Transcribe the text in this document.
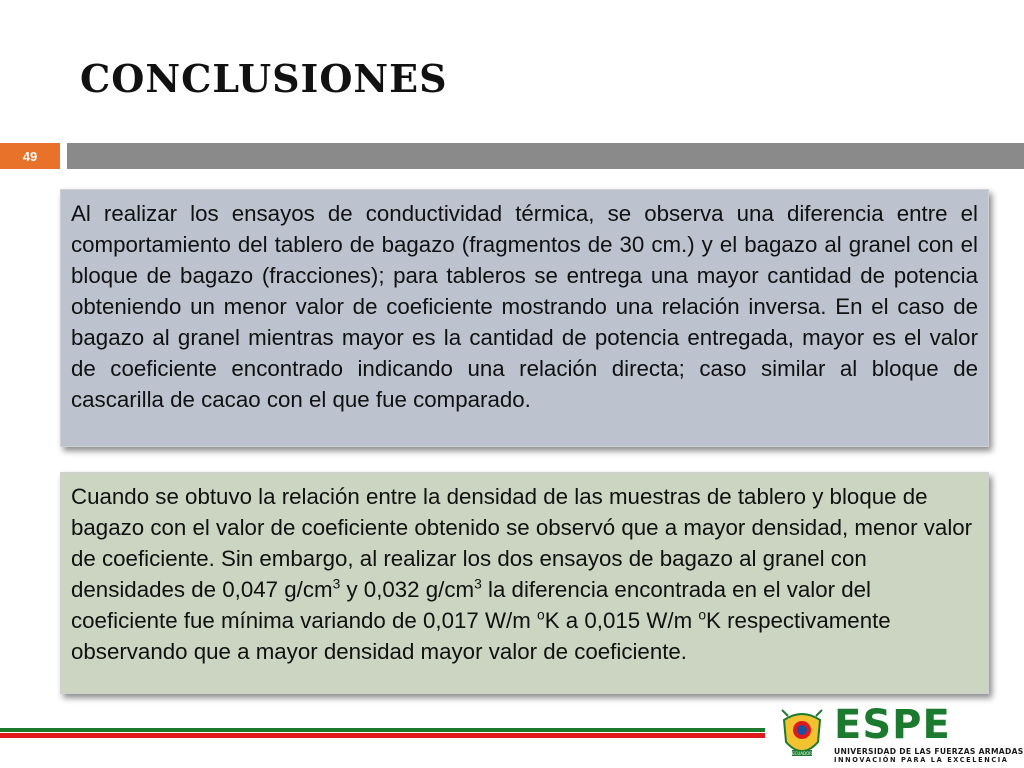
CONCLUSIONES
49
Al realizar los ensayos de conductividad térmica, se observa una diferencia entre el comportamiento del tablero de bagazo (fragmentos de 30 cm.) y el bagazo al granel con el bloque de bagazo (fracciones); para tableros se entrega una mayor cantidad de potencia obteniendo un menor valor de coeficiente mostrando una relación inversa. En el caso de bagazo al granel mientras mayor es la cantidad de potencia entregada, mayor es el valor de coeficiente encontrado indicando una relación directa; caso similar al bloque de cascarilla de cacao con el que fue comparado.
Cuando se obtuvo la relación entre la densidad de las muestras de tablero y bloque de bagazo con el valor de coeficiente obtenido se observó que a mayor densidad, menor valor de coeficiente. Sin embargo, al realizar los dos ensayos de bagazo al granel con densidades de 0,047 $g/cm^3$ y 0,032 $g/cm^3$ la diferencia encontrada en el valor del coeficiente fue mínima variando de 0,017 W/m $^o$K a 0,015 W/m $^o$K respectivamente observando que a mayor densidad mayor valor de coeficiente.
ECUADOR
ESPE
UNIVERSIDAD DE LAS FUERZAS ARMADAS
INNOVACIÓN PARA LA EXCELENCIA
